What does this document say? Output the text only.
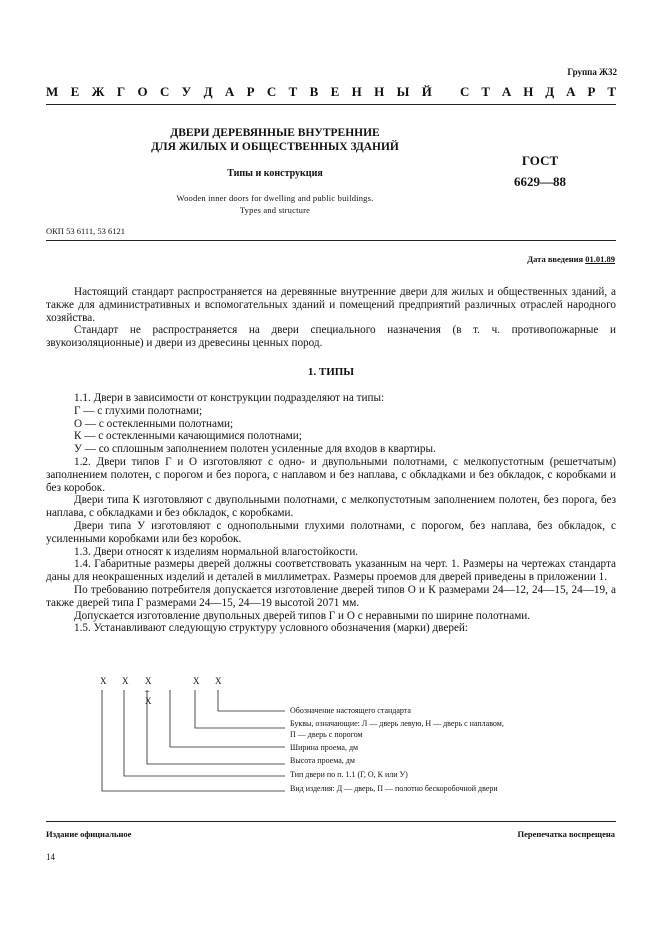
Группа Ж32
М Е Ж Г О С У Д А Р С Т В Е Н Н Ы Й С Т А Н Д А Р Т
ДВЕРИ ДЕРЕВЯННЫЕ ВНУТРЕННИЕ
ДЛЯ ЖИЛЫХ И ОБЩЕСТВЕННЫХ ЗДАНИЙ
Типы и конструкция
Wooden inner doors for dwelling and public buildings.
Types and structure
ГОСТ
6629—88
ОКП 53 6111, 53 6121
Дата введения 01.01.89

Настоящий стандарт распространяется на деревянные внутренние двери для жилых и общественных зданий, а также для административных и вспомогательных зданий и помещений предприятий различных отраслей народного хозяйства.

Стандарт не распространяется на двери специального назначения (в т. ч. противопожарные и звукоизоляционные) и двери из древесины ценных пород.

1. ТИПЫ

1.1. Двери в зависимости от конструкции подразделяют на типы:

Г — с глухими полотнами;

О — с остекленными полотнами;

К — с остекленными качающимися полотнами;

У — со сплошным заполнением полотен усиленные для входов в квартиры.

1.2. Двери типов Г и О изготовляют с одно- и двупольными полотнами, с мелкопустотным (решетчатым) заполнением полотен, с порогом и без порога, с наплавом и без наплава, с обкладками и без обкладок, с коробками и без коробок.

Двери типа К изготовляют с двупольными полотнами, с мелкопустотным заполнением полотен, без порога, без наплава, с обкладками и без обкладок, с коробками.

Двери типа У изготовляют с однопольными глухими полотнами, с порогом, без наплава, без обкладок, с усиленными коробками или без коробок.

1.3. Двери относят к изделиям нормальной влагостойкости.

1.4. Габаритные размеры дверей должны соответствовать указанным на черт. 1. Размеры на чертежах стандарта даны для неокрашенных изделий и деталей в миллиметрах. Размеры проемов для дверей приведены в приложении 1.

По требованию потребителя допускается изготовление дверей типов О и К размерами 24—12, 24—15, 24—19, а также дверей типа Г размерами 24—15, 24—19 высотой 2071 мм.

Допускается изготовление двупольных дверей типов Г и О с неравными по ширине полотнами.

1.5. Устанавливают следующую структуру условного обозначения (марки) дверей:

Х Х Х – Х
Х Х
Обозначение настоящего стандарта
Буквы, означающие: Л — дверь левую, Н — дверь с наплавом,
П — дверь с порогом
Ширина проема, дм
Высота проема, дм
Тип двери по п. 1.1 (Г, О, К или У)
Вид изделия: Д — дверь, П — полотно бескоробочной двери
Издание официальное	Перепечатка воспрещена
14
